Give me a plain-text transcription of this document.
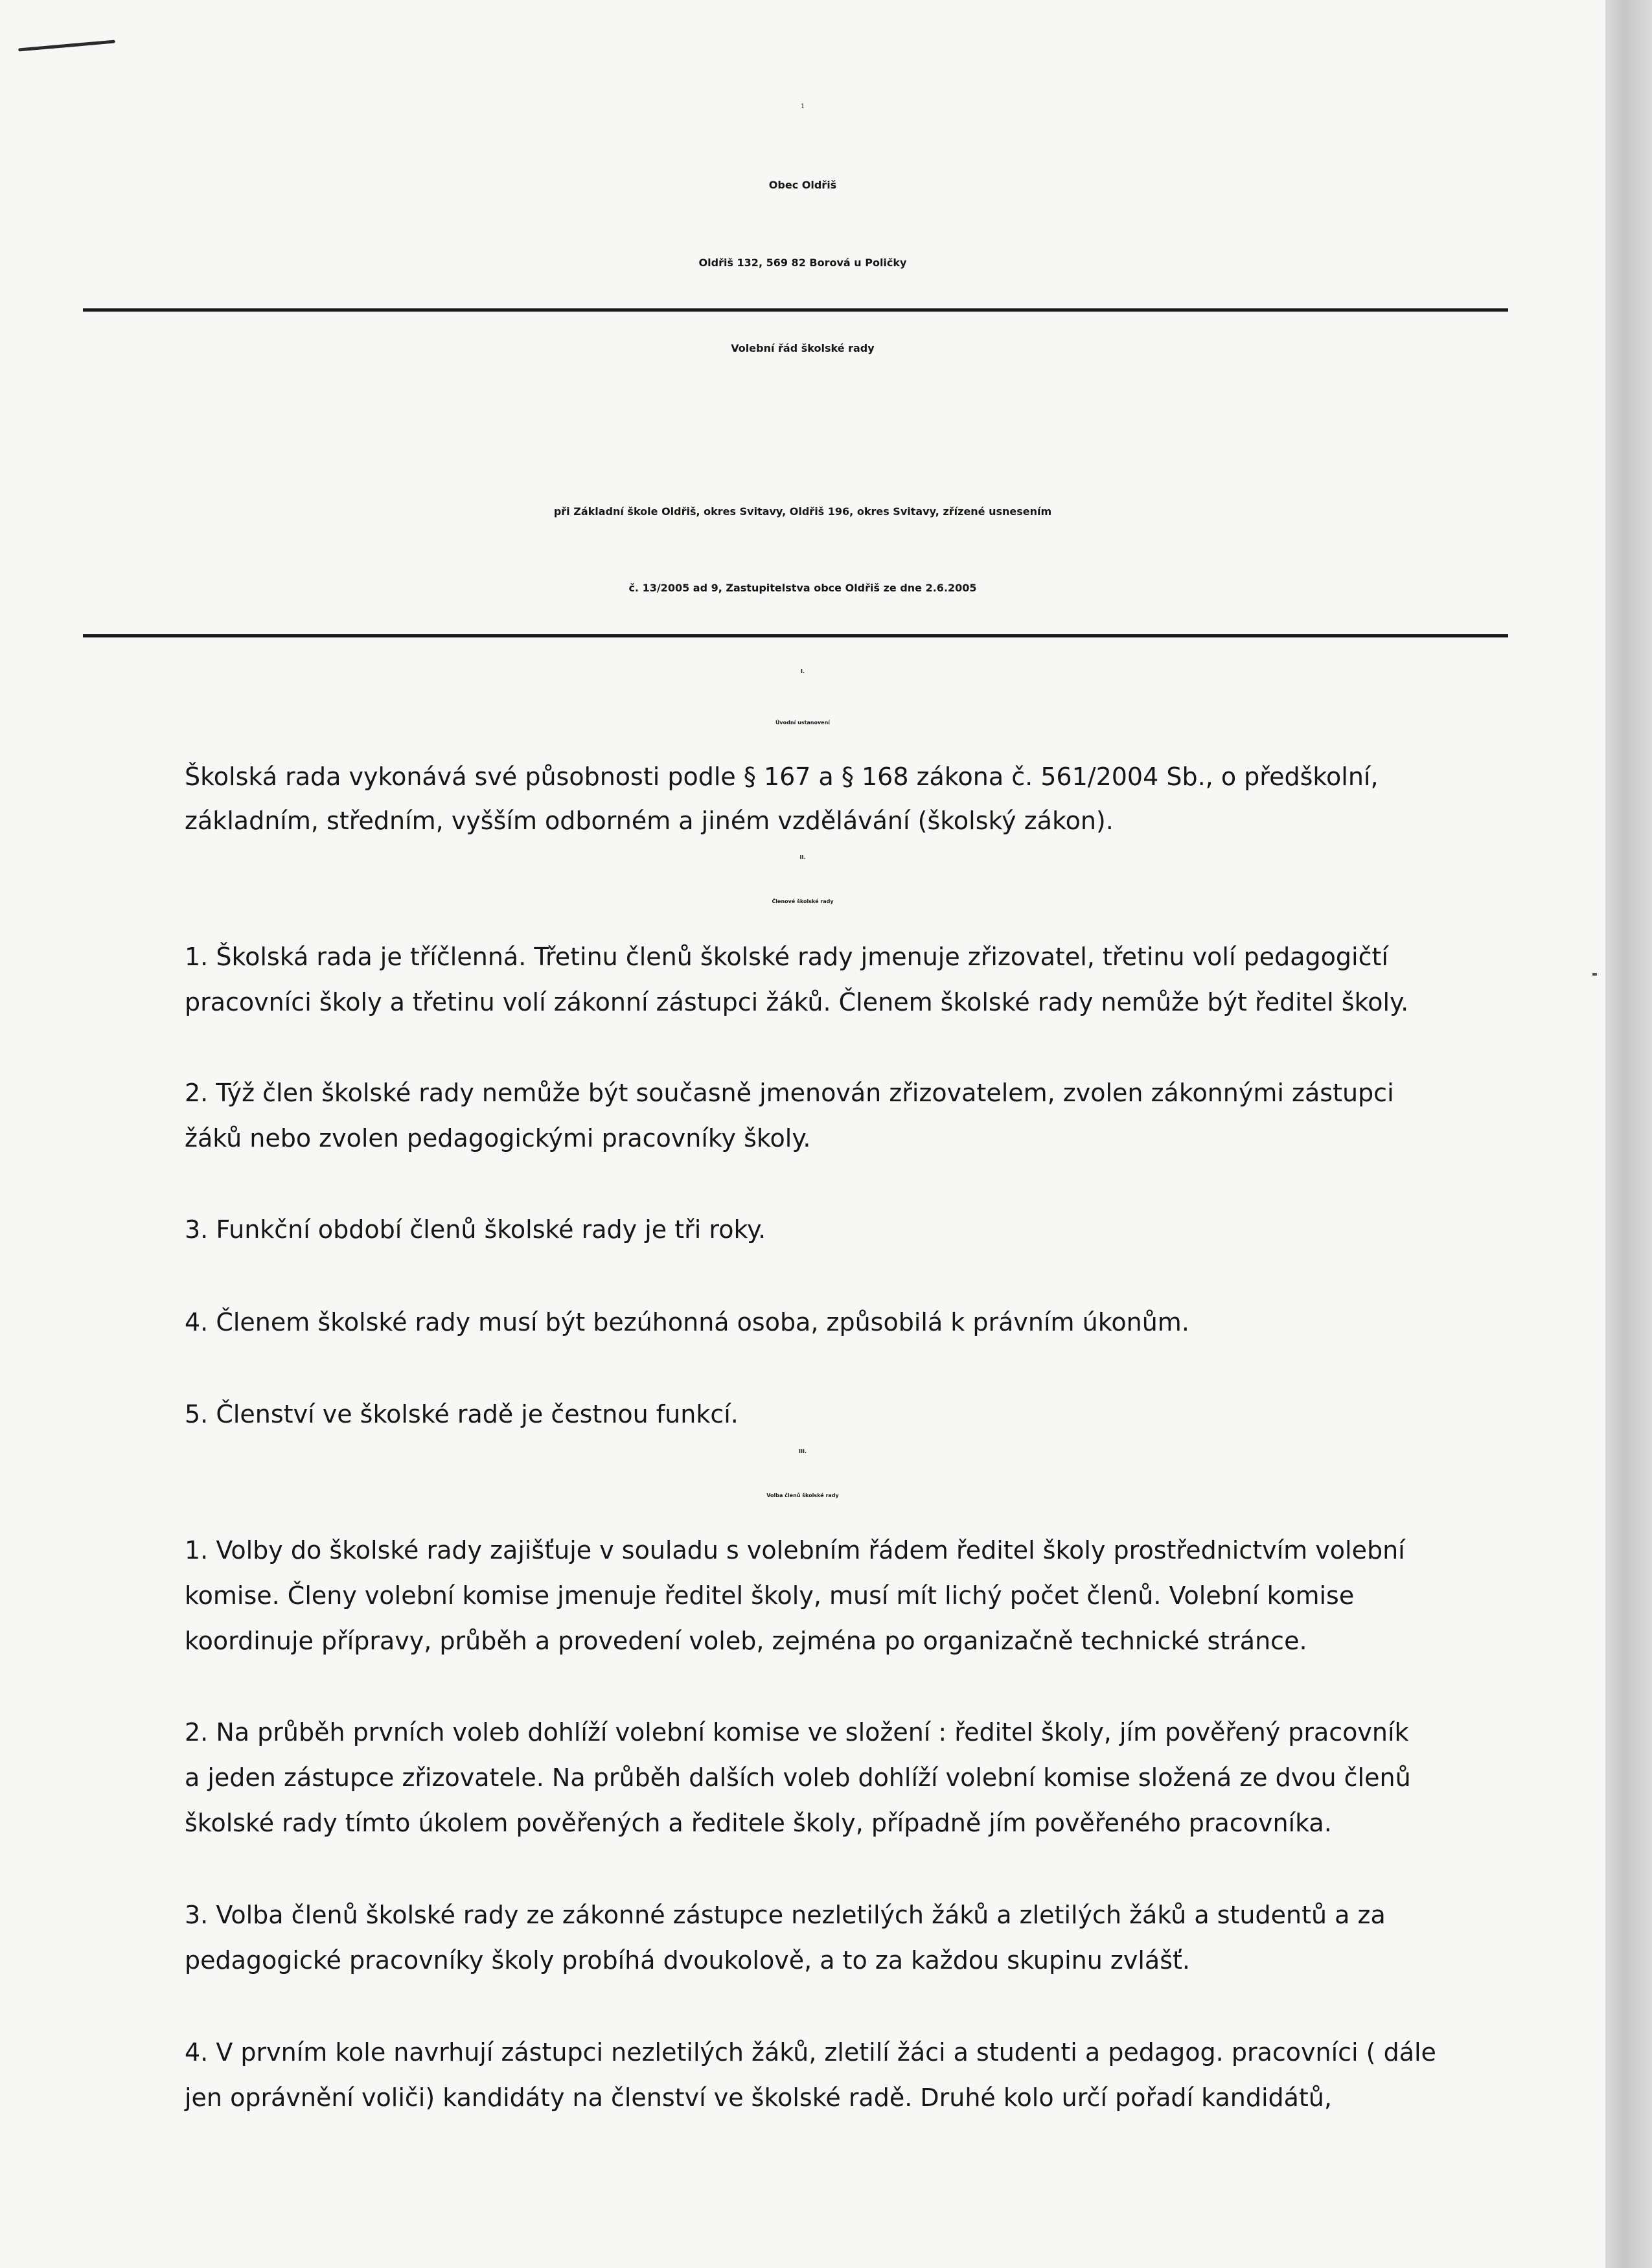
1

Obec Oldřiš

Oldřiš 132, 569 82 Borová u Poličky

Volební řád školské rady

při Základní škole Oldřiš, okres Svitavy, Oldřiš 196, okres Svitavy, zřízené usnesením

č. 13/2005 ad 9, Zastupitelstva obce Oldřiš ze dne 2.6.2005

I.

Úvodní ustanovení

Školská rada vykonává své působnosti podle § 167 a § 168 zákona č. 561/2004 Sb., o předškolní,

základním, středním, vyšším odborném a jiném vzdělávání (školský zákon).

II.

Členové školské rady

1. Školská rada je tříčlenná. Třetinu členů školské rady jmenuje zřizovatel, třetinu volí pedagogičtí

pracovníci školy a třetinu volí zákonní zástupci žáků. Členem školské rady nemůže být ředitel školy.

2. Týž člen školské rady nemůže být současně jmenován zřizovatelem, zvolen zákonnými zástupci

žáků nebo zvolen pedagogickými pracovníky školy.

3. Funkční období členů školské rady je tři roky.

4. Členem školské rady musí být bezúhonná osoba, způsobilá k právním úkonům.

5. Členství ve školské radě je čestnou funkcí.

III.

Volba členů školské rady

1. Volby do školské rady zajišťuje v souladu s volebním řádem ředitel školy prostřednictvím volební

komise. Členy volební komise jmenuje ředitel školy, musí mít lichý počet členů. Volební komise

koordinuje přípravy, průběh a provedení voleb, zejména po organizačně technické stránce.

2. Na průběh prvních voleb dohlíží volební komise ve složení : ředitel školy, jím pověřený pracovník

a jeden zástupce zřizovatele. Na průběh dalších voleb dohlíží volební komise složená ze dvou členů

školské rady tímto úkolem pověřených a ředitele školy, případně jím pověřeného pracovníka.

3. Volba členů školské rady ze zákonné zástupce nezletilých žáků a zletilých žáků a studentů a za

pedagogické pracovníky školy probíhá dvoukolově, a to za každou skupinu zvlášť.

4. V prvním kole navrhují zástupci nezletilých žáků, zletilí žáci a studenti a pedagog. pracovníci ( dále

jen oprávnění voliči) kandidáty na členství ve školské radě. Druhé kolo určí pořadí kandidátů,
